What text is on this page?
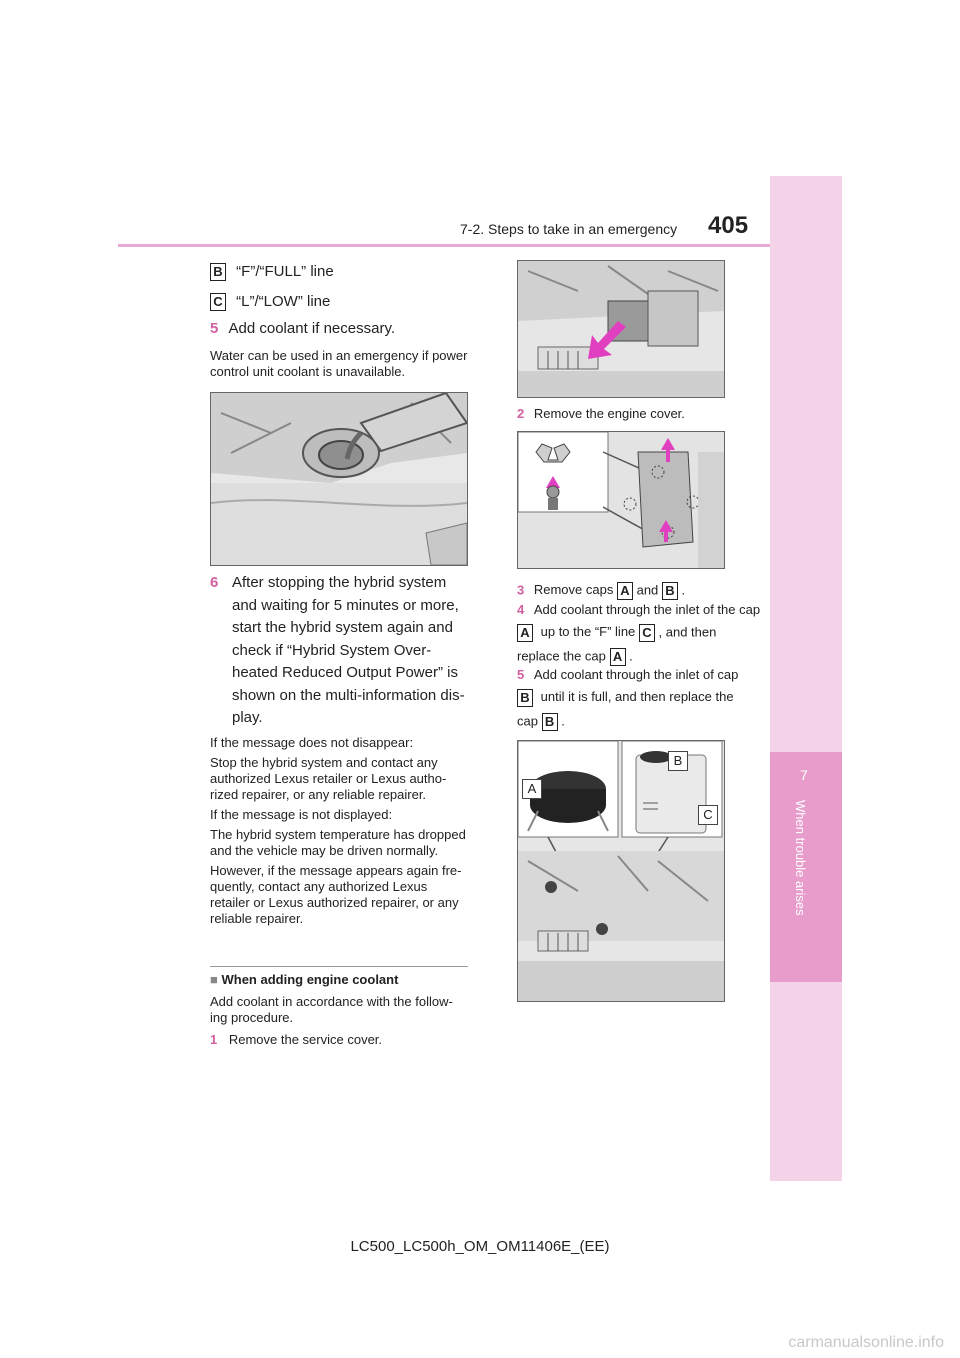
7-2. Steps to take in an emergency 405
7
When trouble arises
B “F”/“FULL” line
C “L”/“LOW” line
5 Add coolant if necessary.
Water can be used in an emergency if power control unit coolant is unavailable.
6 After stopping the hybrid system and waiting for 5 minutes or more, start the hybrid system again and check if “Hybrid System Over-heated Reduced Output Power” is shown on the multi-information dis-play.
If the message does not disappear:
Stop the hybrid system and contact any authorized Lexus retailer or Lexus autho-rized repairer, or any reliable repairer.
If the message is not displayed:
The hybrid system temperature has dropped and the vehicle may be driven normally.
However, if the message appears again fre-quently, contact any authorized Lexus retailer or Lexus authorized repairer, or any reliable repairer.
■ When adding engine coolant
Add coolant in accordance with the follow-ing procedure.
1 Remove the service cover.
2 Remove the engine cover.
3 Remove caps A and B .
4 Add coolant through the inlet of the cap
A up to the “F” line C , and then
replace the cap A .
5 Add coolant through the inlet of cap
B until it is full, and then replace the
cap B .
A
B
C
LC500_LC500h_OM_OM11406E_(EE)
carmanualsonline.info
